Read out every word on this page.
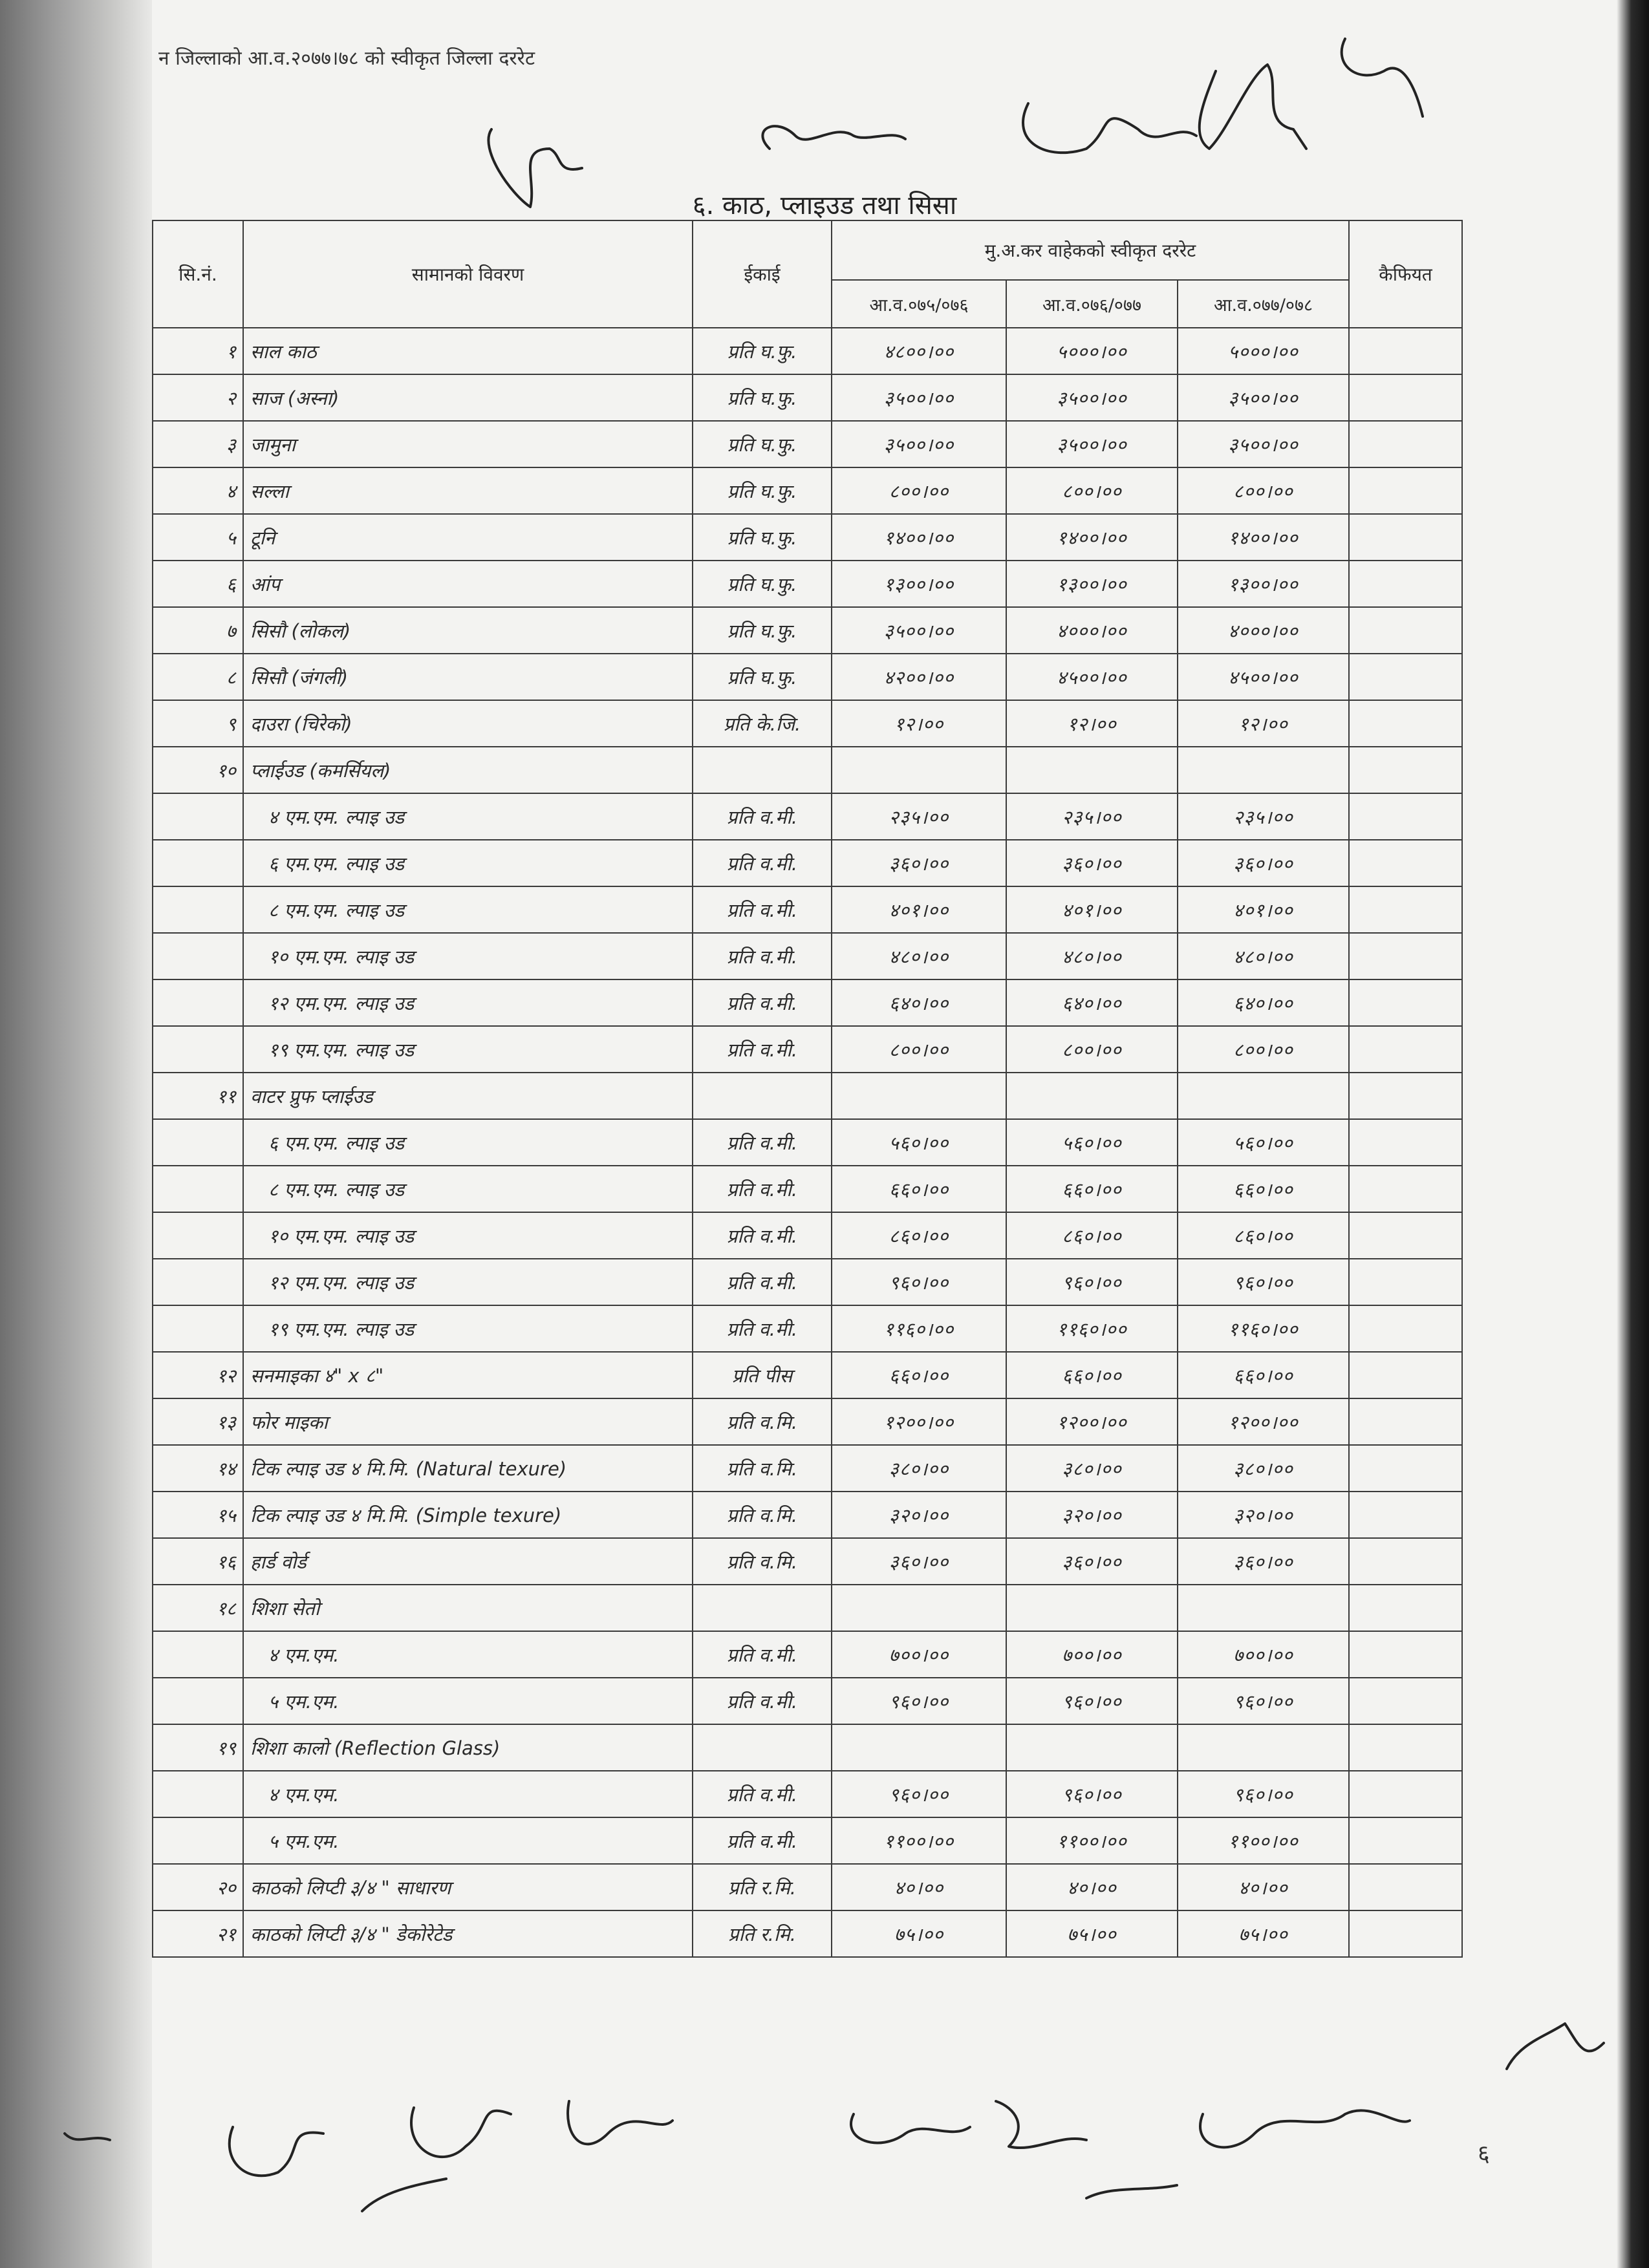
न जिल्लाको आ.व.२०७७।७८ को स्वीकृत जिल्ला दररेट
६. काठ, प्लाइउड तथा सिसा
सि.नं.	सामानको विवरण	ईकाई	मु.अ.कर वाहेकको स्वीकृत दररेट			कैफियत
			आ.व.०७५/०७६	आ.व.०७६/०७७	आ.व.०७७/०७८	
१	साल काठ	प्रति घ.फु.	४८००।००	५०००।००	५०००।००	
२	साज (अस्ना)	प्रति घ.फु.	३५००।००	३५००।००	३५००।००	
३	जामुना	प्रति घ.फु.	३५००।००	३५००।००	३५००।००	
४	सल्ला	प्रति घ.फु.	८००।००	८००।००	८००।००	
५	टूनि	प्रति घ.फु.	१४००।००	१४००।००	१४००।००	
६	आंप	प्रति घ.फु.	१३००।००	१३००।००	१३००।००	
७	सिसौ (लोकल)	प्रति घ.फु.	३५००।००	४०००।००	४०००।००	
८	सिसौ (जंगली)	प्रति घ.फु.	४२००।००	४५००।००	४५००।००	
९	दाउरा (चिरेको)	प्रति के.जि.	१२।००	१२।००	१२।००	
१०	प्लाईउड (कमर्सियल)					
	४ एम.एम. ल्पाइ उड	प्रति व.मी.	२३५।००	२३५।००	२३५।००	
	६ एम.एम. ल्पाइ उड	प्रति व.मी.	३६०।००	३६०।००	३६०।००	
	८ एम.एम. ल्पाइ उड	प्रति व.मी.	४०१।००	४०१।००	४०१।००	
	१० एम.एम. ल्पाइ उड	प्रति व.मी.	४८०।००	४८०।००	४८०।००	
	१२ एम.एम. ल्पाइ उड	प्रति व.मी.	६४०।००	६४०।००	६४०।००	
	१९ एम.एम. ल्पाइ उड	प्रति व.मी.	८००।००	८००।००	८००।००	
११	वाटर प्रुफ प्लाईउड					
	६ एम.एम. ल्पाइ उड	प्रति व.मी.	५६०।००	५६०।००	५६०।००	
	८ एम.एम. ल्पाइ उड	प्रति व.मी.	६६०।००	६६०।००	६६०।००	
	१० एम.एम. ल्पाइ उड	प्रति व.मी.	८६०।००	८६०।००	८६०।००	
	१२ एम.एम. ल्पाइ उड	प्रति व.मी.	९६०।००	९६०।००	९६०।००	
	१९ एम.एम. ल्पाइ उड	प्रति व.मी.	११६०।००	११६०।००	११६०।००	
१२	सनमाइका ४" x ८"	प्रति पीस	६६०।००	६६०।००	६६०।००	
१३	फोर माइका	प्रति व.मि.	१२००।००	१२००।००	१२००।००	
१४	टिक ल्पाइ उड ४ मि.मि. (Natural texure)	प्रति व.मि.	३८०।००	३८०।००	३८०।००	
१५	टिक ल्पाइ उड ४ मि.मि. (Simple texure)	प्रति व.मि.	३२०।००	३२०।००	३२०।००	
१६	हार्ड वोर्ड	प्रति व.मि.	३६०।००	३६०।००	३६०।००	
१८	शिशा सेतो					
	४ एम.एम.	प्रति व.मी.	७००।००	७००।००	७००।००	
	५ एम.एम.	प्रति व.मी.	९६०।००	९६०।००	९६०।००	
१९	शिशा कालो (Reflection Glass)					
	४ एम.एम.	प्रति व.मी.	९६०।००	९६०।००	९६०।००	
	५ एम.एम.	प्रति व.मी.	११००।००	११००।००	११००।००	
२०	काठको लिप्टी ३/४ " साधारण	प्रति र.मि.	४०।००	४०।००	४०।००	
२१	काठको लिप्टी ३/४ " डेकोरेटेड	प्रति र.मि.	७५।००	७५।००	७५।००	
६
